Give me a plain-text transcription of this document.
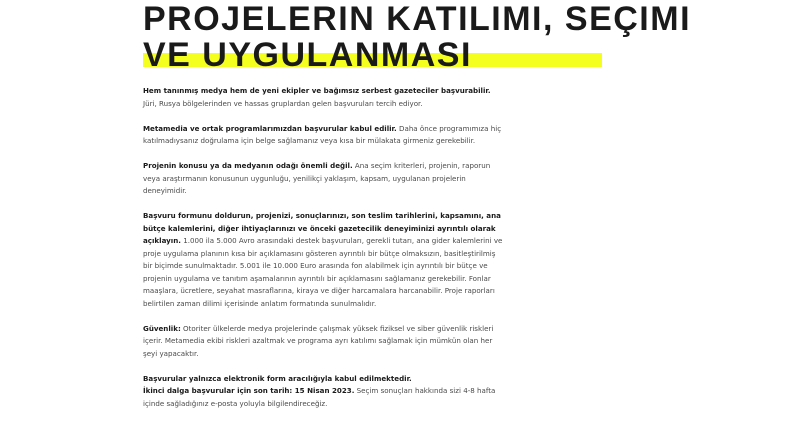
PROJELERIN KATILIMI, SEÇIMI
VE UYGULANMASI

Hem tanınmış medya hem de yeni ekipler ve bağımsız serbest gazeteciler başvurabilir. Jüri, Rusya bölgelerinden ve hassas gruplardan gelen başvuruları tercih ediyor.

Metamedia ve ortak programlarımızdan başvurular kabul edilir. Daha önce programımıza hiç katılmadıysanız doğrulama için belge sağlamanız veya kısa bir mülakata girmeniz gerekebilir.

Projenin konusu ya da medyanın odağı önemli değil. Ana seçim kriterleri, projenin, raporun veya araştırmanın konusunun uygunluğu, yenilikçi yaklaşım, kapsam, uygulanan projelerin deneyimidir.

Başvuru formunu doldurun, projenizi, sonuçlarınızı, son teslim tarihlerini, kapsamını, ana bütçe kalemlerini, diğer ihtiyaçlarınızı ve önceki gazetecilik deneyiminizi ayrıntılı olarak açıklayın. 1.000 ila 5.000 Avro arasındaki destek başvuruları, gerekli tutarı, ana gider kalemlerini ve proje uygulama planının kısa bir açıklamasını gösteren ayrıntılı bir bütçe olmaksızın, basitleştirilmiş bir biçimde sunulmaktadır. 5.001 ile 10.000 Euro arasında fon alabilmek için ayrıntılı bir bütçe ve projenin uygulama ve tanıtım aşamalarının ayrıntılı bir açıklamasını sağlamanız gerekebilir. Fonlar maaşlara, ücretlere, seyahat masraflarına, kiraya ve diğer harcamalara harcanabilir. Proje raporları belirtilen zaman dilimi içerisinde anlatım formatında sunulmalıdır.

Güvenlik: Otoriter ülkelerde medya projelerinde çalışmak yüksek fiziksel ve siber güvenlik riskleri içerir. Metamedia ekibi riskleri azaltmak ve programa ayrı katılımı sağlamak için mümkün olan her şeyi yapacaktır.

Başvurular yalnızca elektronik form aracılığıyla kabul edilmektedir.
İkinci dalga başvurular için son tarih: 15 Nisan 2023. Seçim sonuçları hakkında sizi 4-8 hafta içinde sağladığınız e-posta yoluyla bilgilendireceğiz.
